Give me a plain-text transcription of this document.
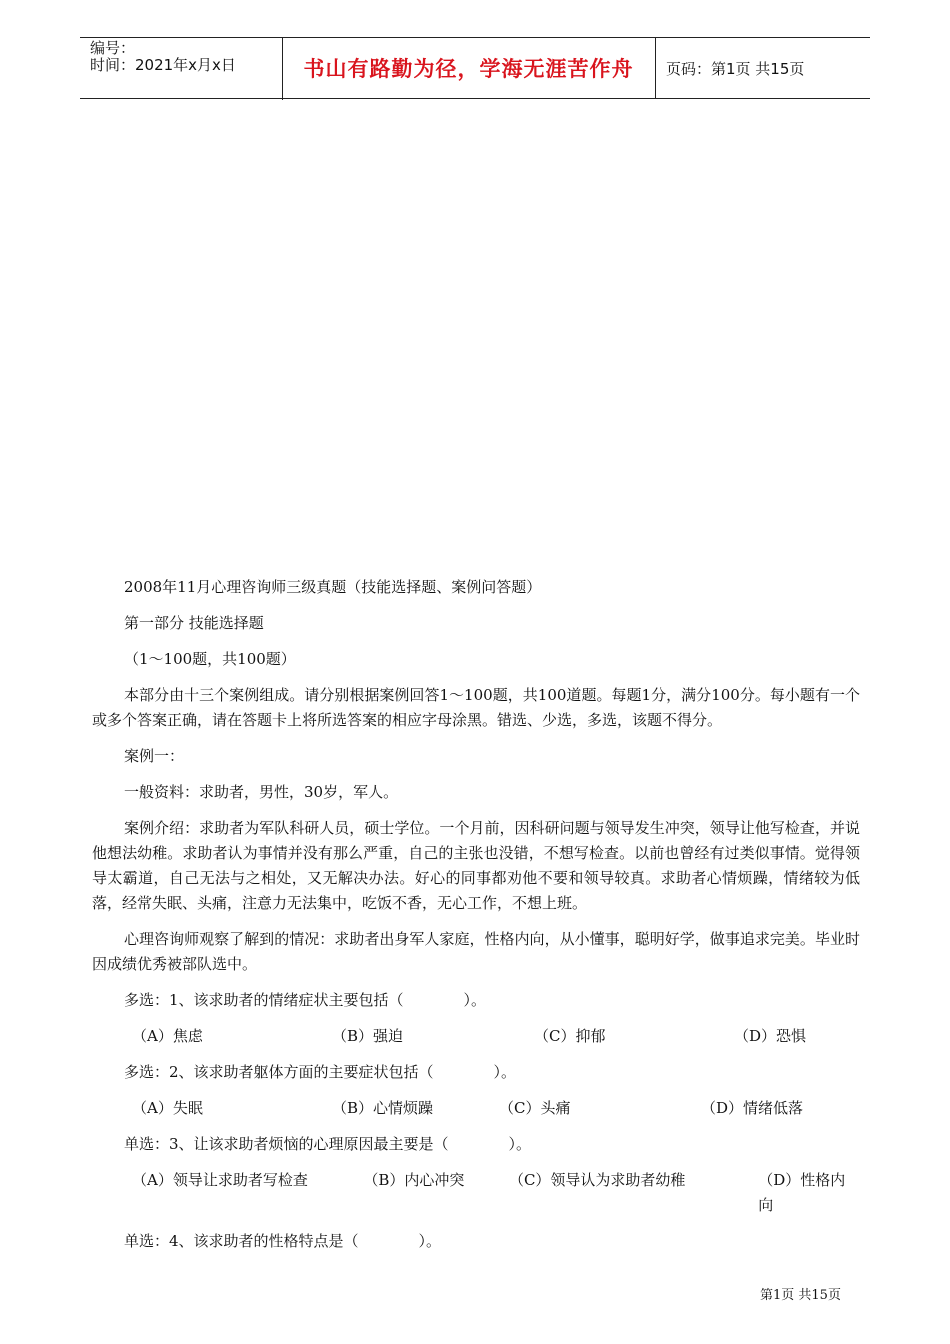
编号：
时间：2021年x月x日	书山有路勤为径，学海无涯苦作舟	页码：第1页 共15页

2008年11月心理咨询师三级真题（技能选择题、案例问答题）

第一部分 技能选择题

（1～100题，共100题）

本部分由十三个案例组成。请分别根据案例回答1～100题，共100道题。每题1分，满分100分。每小题有一个或多个答案正确，请在答题卡上将所选答案的相应字母涂黑。错选、少选，多选，该题不得分。

案例一：

一般资料：求助者，男性，30岁，军人。

案例介绍：求助者为军队科研人员，硕士学位。一个月前，因科研问题与领导发生冲突，领导让他写检查，并说他想法幼稚。求助者认为事情并没有那么严重，自己的主张也没错，不想写检查。以前也曾经有过类似事情。觉得领导太霸道，自己无法与之相处，又无解决办法。好心的同事都劝他不要和领导较真。求助者心情烦躁，情绪较为低落，经常失眠、头痛，注意力无法集中，吃饭不香，无心工作，不想上班。

心理咨询师观察了解到的情况：求助者出身军人家庭，性格内向，从小懂事，聪明好学，做事追求完美。毕业时因成绩优秀被部队选中。

多选：1、该求助者的情绪症状主要包括（　　　　）。

（A）焦虑	（B）强迫	（C）抑郁	（D）恐惧

多选：2、该求助者躯体方面的主要症状包括（　　　　）。

（A）失眠	（B）心情烦躁	（C）头痛	（D）情绪低落

单选：3、让该求助者烦恼的心理原因最主要是（　　　　）。

（A）领导让求助者写检查	（B）内心冲突	（C）领导认为求助者幼稚	（D）性格内向

单选：4、该求助者的性格特点是（　　　　）。

第1页 共15页
